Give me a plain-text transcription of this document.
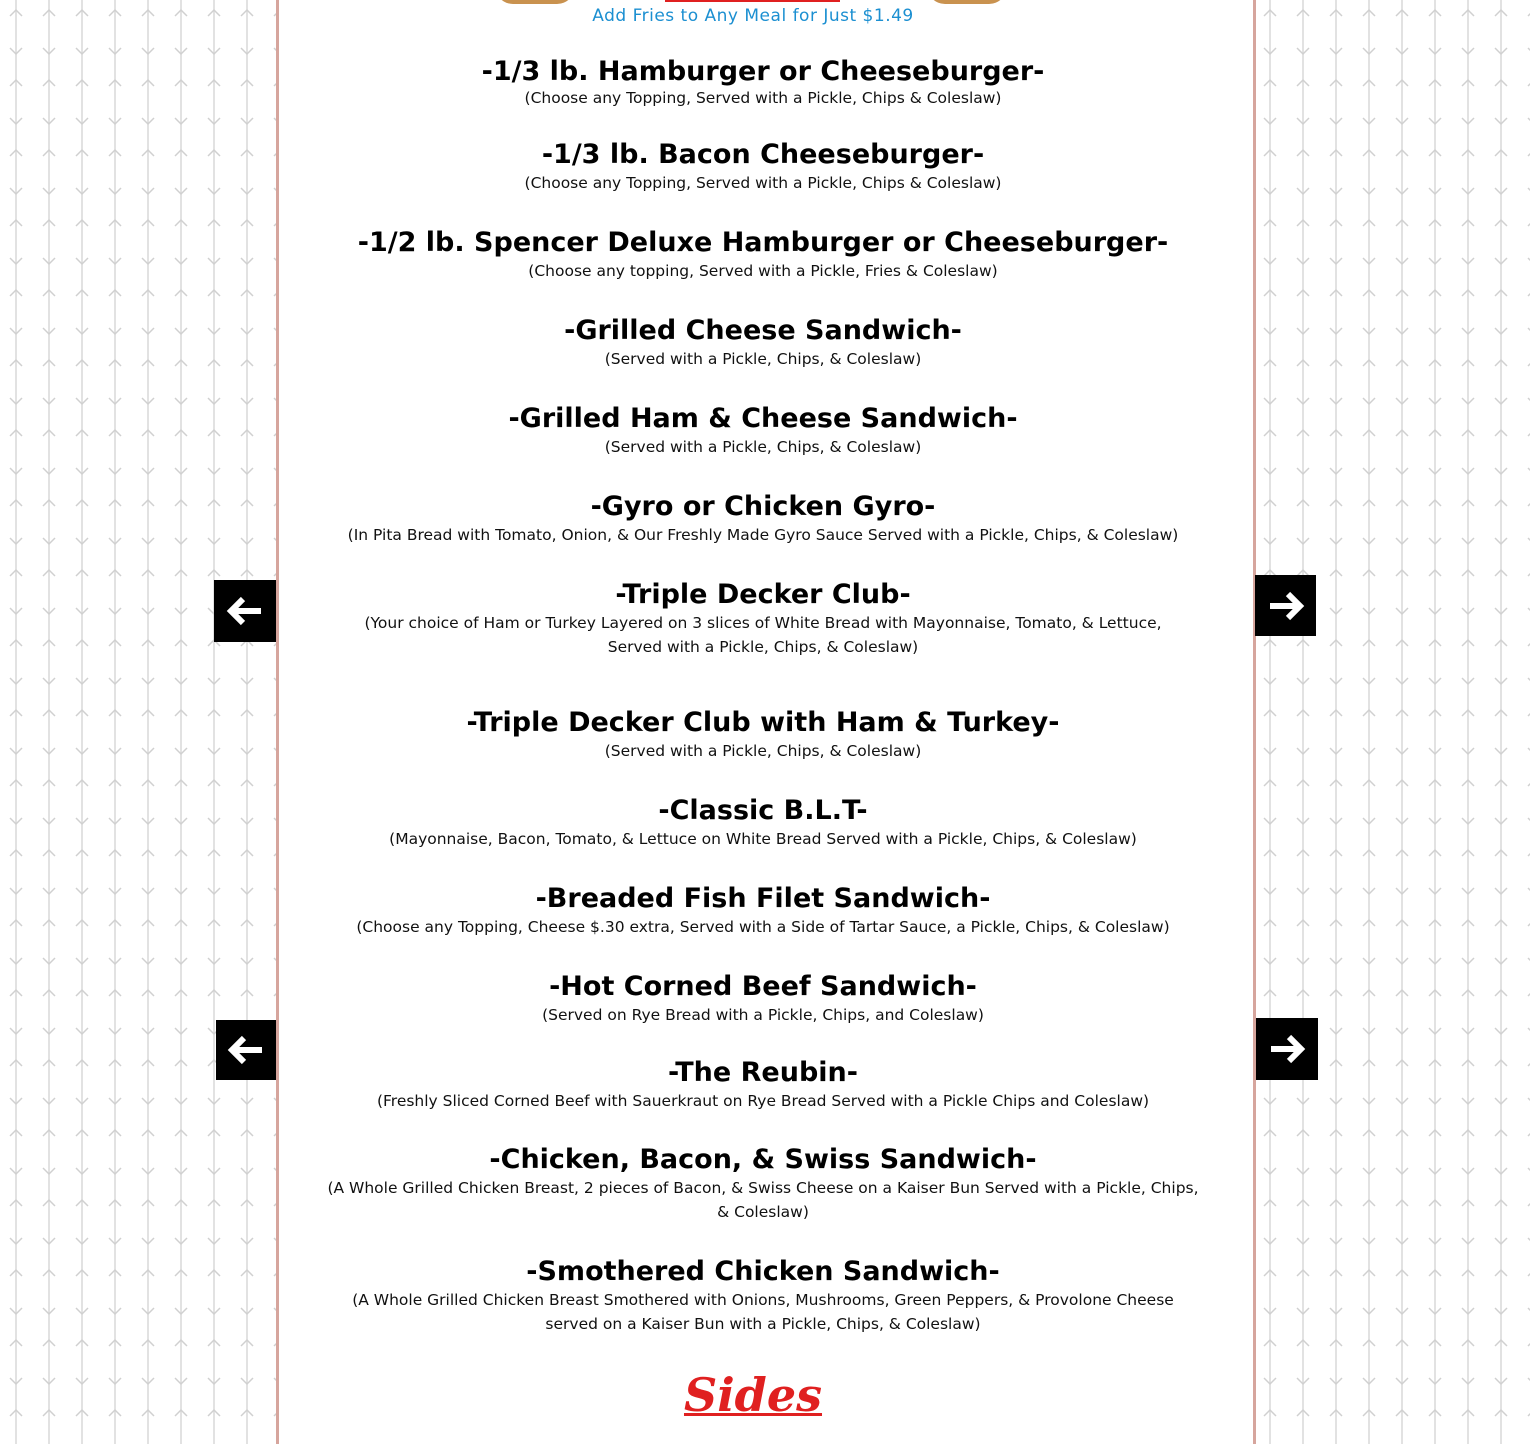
Add Fries to Any Meal for Just $1.49
-1/3 lb. Hamburger or Cheeseburger-
(Choose any Topping, Served with a Pickle, Chips & Coleslaw)
-1/3 lb. Bacon Cheeseburger-
(Choose any Topping, Served with a Pickle, Chips & Coleslaw)
-1/2 lb. Spencer Deluxe Hamburger or Cheeseburger-
(Choose any topping, Served with a Pickle, Fries & Coleslaw)
-Grilled Cheese Sandwich-
(Served with a Pickle, Chips, & Coleslaw)
-Grilled Ham & Cheese Sandwich-
(Served with a Pickle, Chips, & Coleslaw)
-Gyro or Chicken Gyro-
(In Pita Bread with Tomato, Onion, & Our Freshly Made Gyro Sauce Served with a Pickle, Chips, & Coleslaw)
-Triple Decker Club-
(Your choice of Ham or Turkey Layered on 3 slices of White Bread with Mayonnaise, Tomato, & Lettuce, Served with a Pickle, Chips, & Coleslaw)
-Triple Decker Club with Ham & Turkey-
(Served with a Pickle, Chips, & Coleslaw)
-Classic B.L.T-
(Mayonnaise, Bacon, Tomato, & Lettuce on White Bread Served with a Pickle, Chips, & Coleslaw)
-Breaded Fish Filet Sandwich-
(Choose any Topping, Cheese $.30 extra, Served with a Side of Tartar Sauce, a Pickle, Chips, & Coleslaw)
-Hot Corned Beef Sandwich-
(Served on Rye Bread with a Pickle, Chips, and Coleslaw)
-The Reubin-
(Freshly Sliced Corned Beef with Sauerkraut on Rye Bread Served with a Pickle Chips and Coleslaw)
-Chicken, Bacon, & Swiss Sandwich-
(A Whole Grilled Chicken Breast, 2 pieces of Bacon, & Swiss Cheese on a Kaiser Bun Served with a Pickle, Chips, & Coleslaw)
-Smothered Chicken Sandwich-
(A Whole Grilled Chicken Breast Smothered with Onions, Mushrooms, Green Peppers, & Provolone Cheese served on a Kaiser Bun with a Pickle, Chips, & Coleslaw)
Sides
